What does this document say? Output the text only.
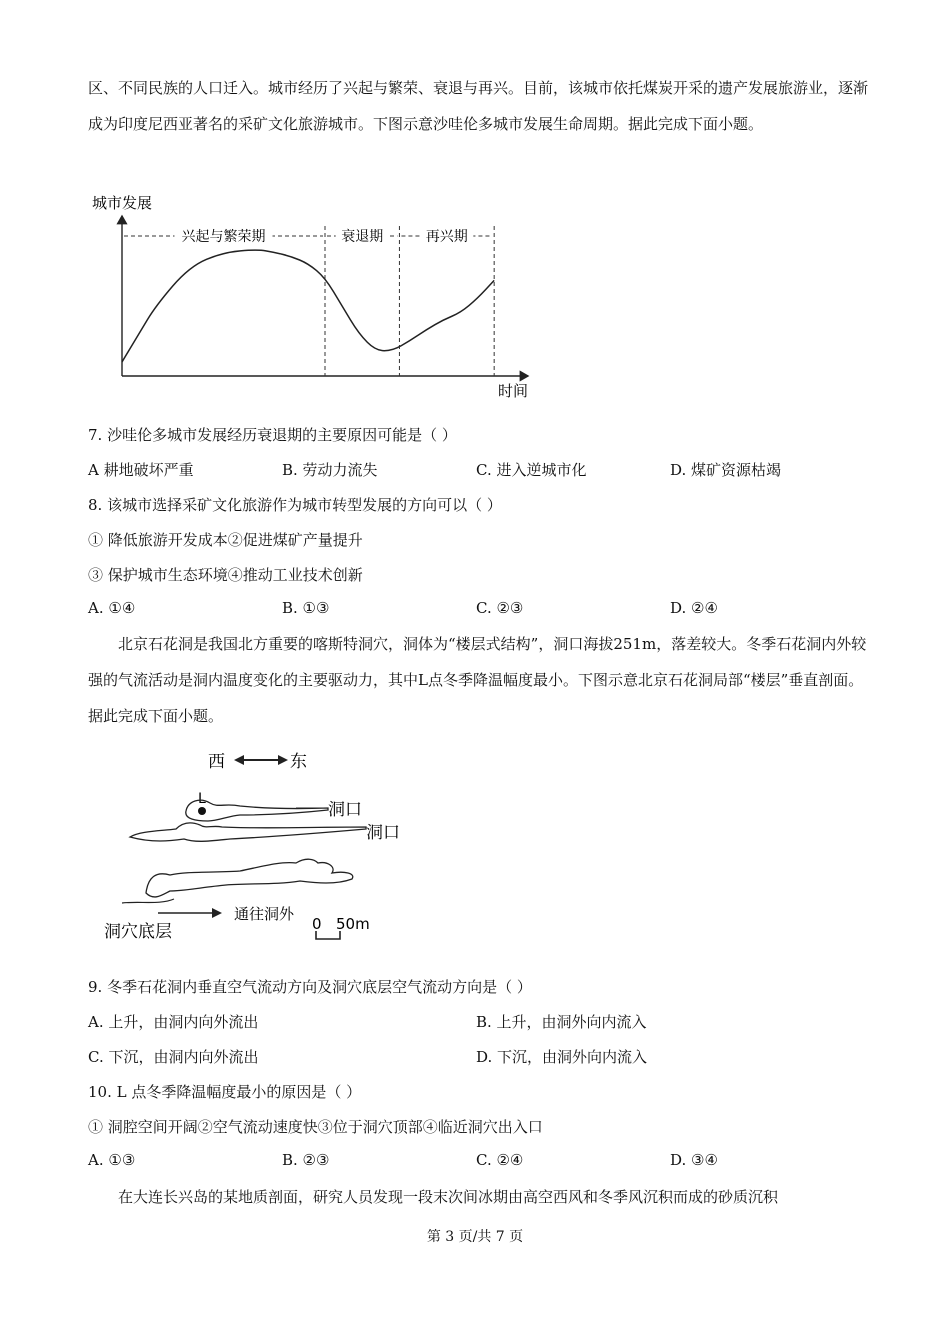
区、不同民族的人口迁入。城市经历了兴起与繁荣、衰退与再兴。目前，该城市依托煤炭开采的遗产发展旅游业，逐渐成为印度尼西亚著名的采矿文化旅游城市。下图示意沙哇伦多城市发展生命周期。据此完成下面小题。
城市发展
时间
兴起与繁荣期	衰退期	再兴期
7. 沙哇伦多城市发展经历衰退期的主要原因可能是（ ）
A 耕地破坏严重	B. 劳动力流失	C. 进入逆城市化	D. 煤矿资源枯竭
8. 该城市选择采矿文化旅游作为城市转型发展的方向可以（ ）
① 降低旅游开发成本②促进煤矿产量提升
③ 保护城市生态环境④推动工业技术创新
A. ①④	B. ①③	C. ②③	D. ②④
北京石花洞是我国北方重要的喀斯特洞穴，洞体为“楼层式结构”，洞口海拔251m，落差较大。冬季石花洞内外较强的气流活动是洞内温度变化的主要驱动力，其中L点冬季降温幅度最小。下图示意北京石花洞局部“楼层”垂直剖面。据此完成下面小题。
西	东
L
洞口
洞口
通往洞外
洞穴底层	0 50m
9. 冬季石花洞内垂直空气流动方向及洞穴底层空气流动方向是（ ）
A. 上升，由洞内向外流出	B. 上升，由洞外向内流入
C. 下沉，由洞内向外流出	D. 下沉，由洞外向内流入
10. L 点冬季降温幅度最小的原因是（ ）
① 洞腔空间开阔②空气流动速度快③位于洞穴顶部④临近洞穴出入口
A. ①③	B. ②③	C. ②④	D. ③④
在大连长兴岛的某地质剖面，研究人员发现一段末次间冰期由高空西风和冬季风沉积而成的砂质沉积
第 3 页/共 7 页
